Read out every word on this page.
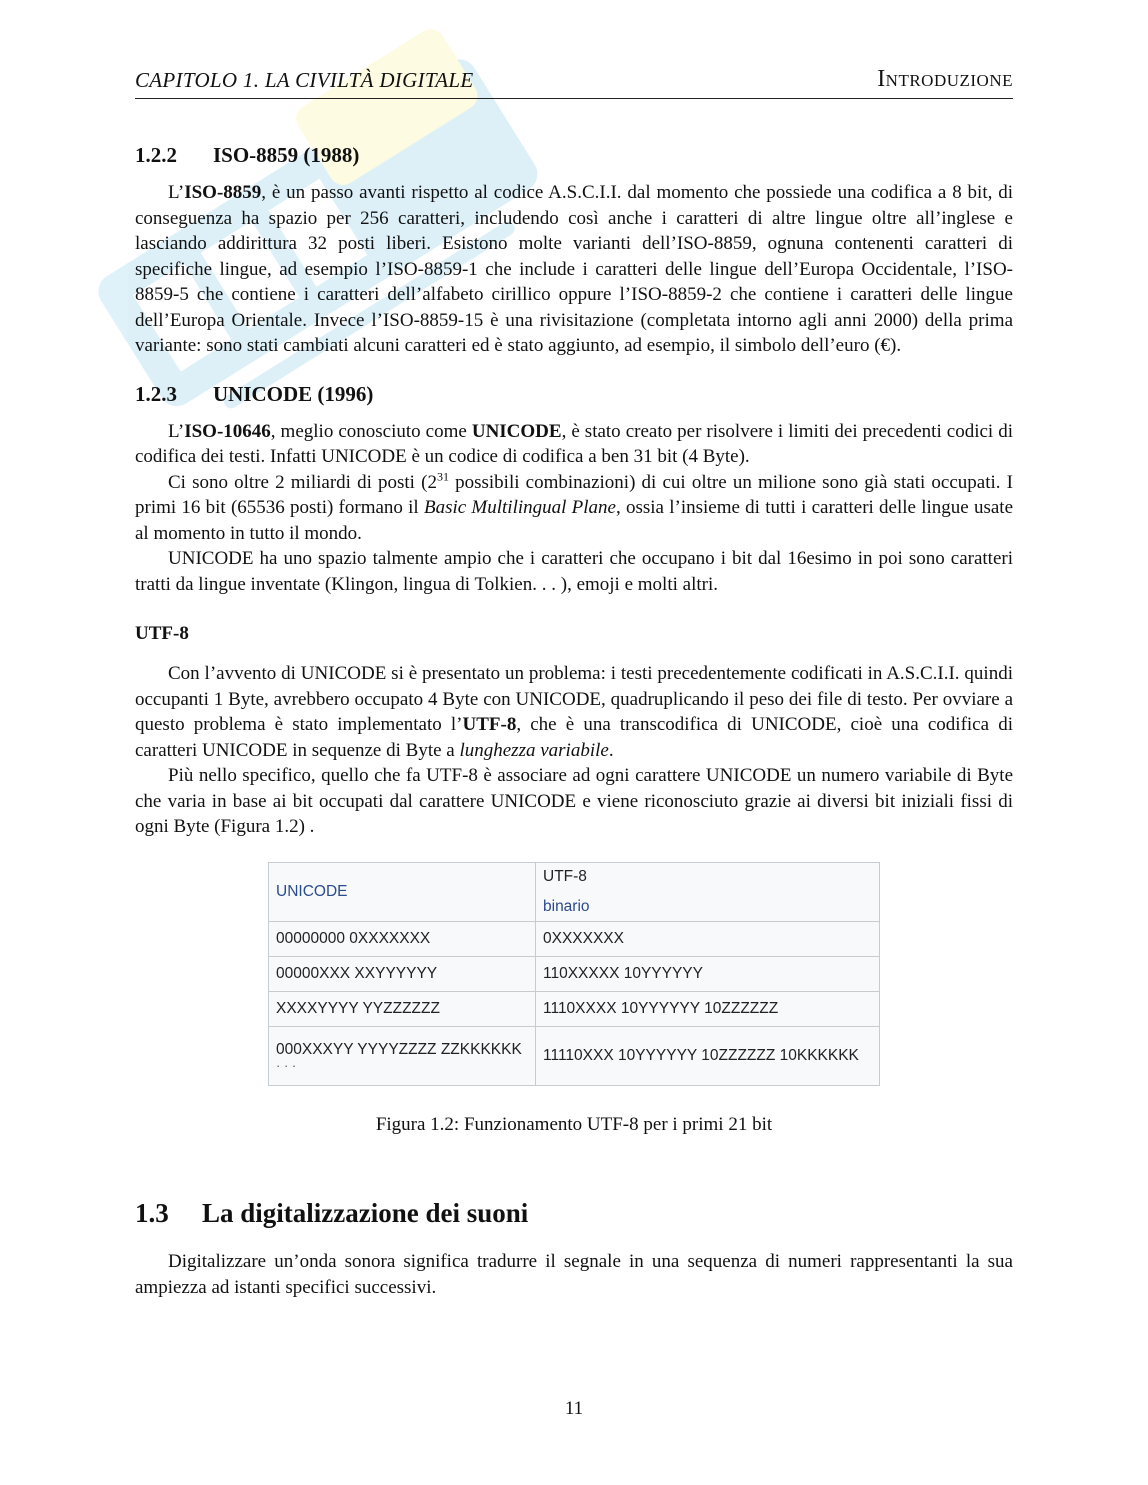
CAPITOLO 1. LA CIVILTÀ DIGITALE	Introduzione
1.2.2 ISO-8859 (1988)

L’ISO-8859, è un passo avanti rispetto al codice A.S.C.I.I. dal momento che possiede una codifica a 8 bit, di conseguenza ha spazio per 256 caratteri, includendo così anche i caratteri di altre lingue oltre all’inglese e lasciando addirittura 32 posti liberi. Esistono molte varianti dell’ISO-8859, ognuna contenenti caratteri di specifiche lingue, ad esempio l’ISO-8859-1 che include i caratteri delle lingue dell’Europa Occidentale, l’ISO-8859-5 che contiene i caratteri dell’alfabeto cirillico oppure l’ISO-8859-2 che contiene i caratteri delle lingue dell’Europa Orientale. Invece l’ISO-8859-15 è una rivisitazione (completata intorno agli anni 2000) della prima variante: sono stati cambiati alcuni caratteri ed è stato aggiunto, ad esempio, il simbolo dell’euro (€).

1.2.3 UNICODE (1996)

L’ISO-10646, meglio conosciuto come UNICODE, è stato creato per risolvere i limiti dei precedenti codici di codifica dei testi. Infatti UNICODE è un codice di codifica a ben 31 bit (4 Byte).

Ci sono oltre 2 miliardi di posti ($2^{31}$ possibili combinazioni) di cui oltre un milione sono già stati occupati. I primi 16 bit (65536 posti) formano il Basic Multilingual Plane, ossia l’insieme di tutti i caratteri delle lingue usate al momento in tutto il mondo.

UNICODE ha uno spazio talmente ampio che i caratteri che occupano i bit dal 16esimo in poi sono caratteri tratti da lingue inventate (Klingon, lingua di Tolkien. . . ), emoji e molti altri.

UTF-8

Con l’avvento di UNICODE si è presentato un problema: i testi precedentemente codificati in A.S.C.I.I. quindi occupanti 1 Byte, avrebbero occupato 4 Byte con UNICODE, quadruplicando il peso dei file di testo. Per ovviare a questo problema è stato implementato l’UTF-8, che è una transcodifica di UNICODE, cioè una codifica di caratteri UNICODE in sequenze di Byte a lunghezza variabile.

Più nello specifico, quello che fa UTF-8 è associare ad ogni carattere UNICODE un numero variabile di Byte che varia in base ai bit occupati dal carattere UNICODE e viene riconosciuto grazie ai diversi bit iniziali fissi di ogni Byte (Figura 1.2) .

UNICODE	UTF-8
binario

00000000 0XXXXXXX	0XXXXXXX
00000XXX XXYYYYYY	110XXXXX 10YYYYYY
XXXXYYYY YYZZZZZZ	1110XXXX 10YYYYYY 10ZZZZZZ

000XXXYY YYYYZZZZ ZZKKKKKK
· · ·	11110XXX 10YYYYYY 10ZZZZZZ 10KKKKKK

Figura 1.2: Funzionamento UTF-8 per i primi 21 bit

1.3 La digitalizzazione dei suoni

Digitalizzare un’onda sonora significa tradurre il segnale in una sequenza di numeri rappresentanti la sua ampiezza ad istanti specifici successivi.

11
